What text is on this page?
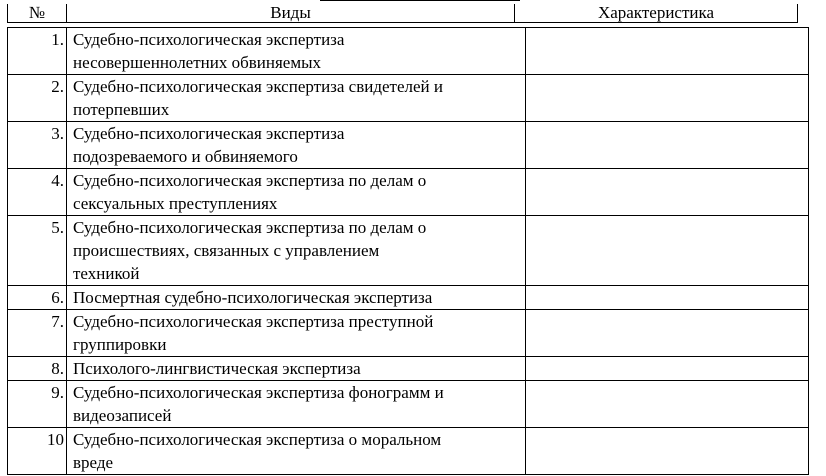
№	Виды	Характеристика
1.	Судебно-психологическая экспертиза
несовершеннолетних обвиняемых	
2.	Судебно-психологическая экспертиза свидетелей и
потерпевших	
3.	Судебно-психологическая экспертиза
подозреваемого и обвиняемого	
4.	Судебно-психологическая экспертиза по делам о
сексуальных преступлениях	
5.	Судебно-психологическая экспертиза по делам о
происшествиях, связанных с управлением
техникой	
6.	Посмертная судебно-психологическая экспертиза	
7.	Судебно-психологическая экспертиза преступной
группировки	
8.	Психолого-лингвистическая экспертиза	
9.	Судебно-психологическая экспертиза фонограмм и
видеозаписей	
10	Судебно-психологическая экспертиза о моральном
вреде	
